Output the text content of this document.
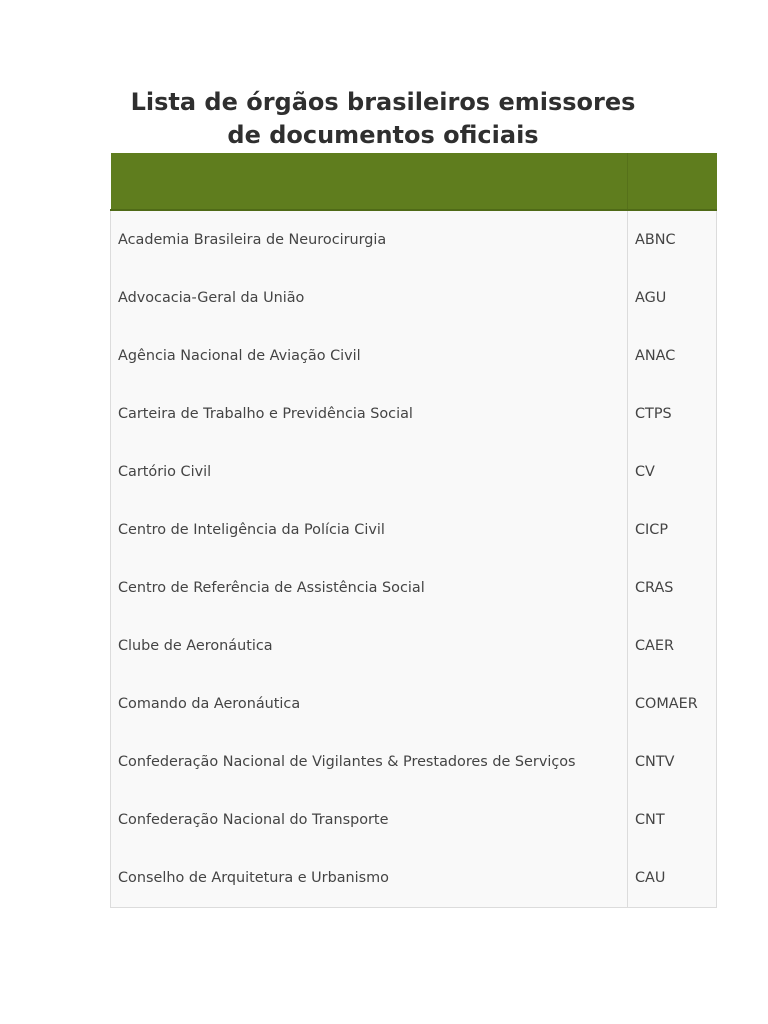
Lista de órgãos brasileiros emissores de documentos oficiais

Academia Brasileira de Neurocirurgia	ABNC
Advocacia-Geral da União	AGU
Agência Nacional de Aviação Civil	ANAC
Carteira de Trabalho e Previdência Social	CTPS
Cartório Civil	CV
Centro de Inteligência da Polícia Civil	CICP
Centro de Referência de Assistência Social	CRAS
Clube de Aeronáutica	CAER
Comando da Aeronáutica	COMAER
Confederação Nacional de Vigilantes & Prestadores de Serviços	CNTV
Confederação Nacional do Transporte	CNT
Conselho de Arquitetura e Urbanismo	CAU
